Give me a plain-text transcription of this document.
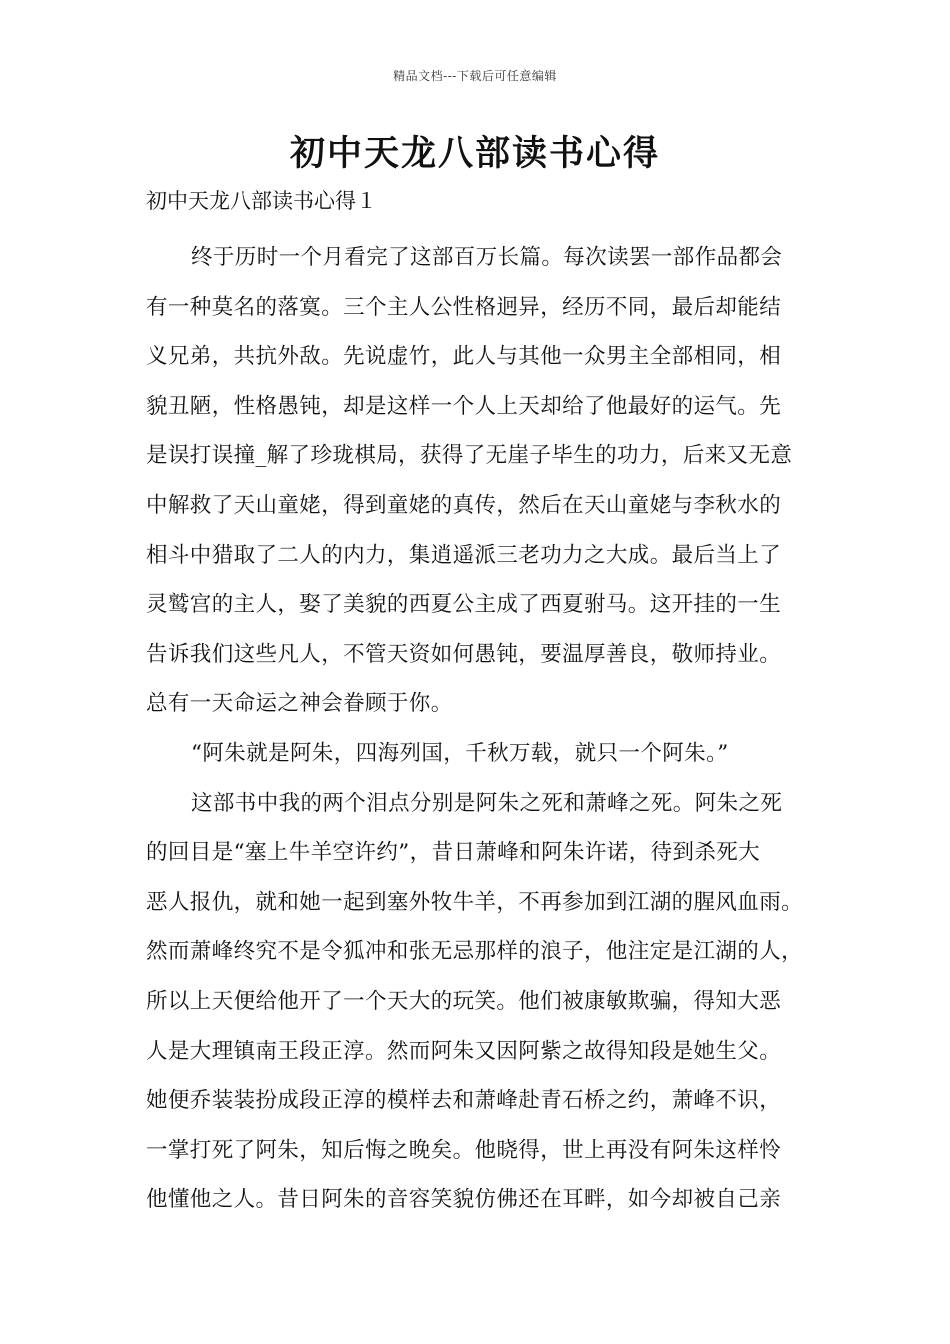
精品文档---下载后可任意编辑
初中天龙八部读书心得

初中天龙八部读书心得１

终于历时一个月看完了这部百万长篇。每次读罢一部作品都会
有一种莫名的落寞。三个主人公性格迥异，经历不同，最后却能结
义兄弟，共抗外敌。先说虚竹，此人与其他一众男主全部相同，相
貌丑陋，性格愚钝，却是这样一个人上天却给了他最好的运气。先
是误打误撞_解了珍珑棋局，获得了无崖子毕生的功力，后来又无意
中解救了天山童姥，得到童姥的真传，然后在天山童姥与李秋水的
相斗中猎取了二人的内力，集逍遥派三老功力之大成。最后当上了
灵鹫宫的主人，娶了美貌的西夏公主成了西夏驸马。这开挂的一生
告诉我们这些凡人，不管天资如何愚钝，要温厚善良，敬师持业。
总有一天命运之神会眷顾于你。

“阿朱就是阿朱，四海列国，千秋万载，就只一个阿朱。”

这部书中我的两个泪点分别是阿朱之死和萧峰之死。阿朱之死
的回目是“塞上牛羊空许约”，昔日萧峰和阿朱许诺，待到杀死大
恶人报仇，就和她一起到塞外牧牛羊，不再参加到江湖的腥风血雨。
然而萧峰终究不是令狐冲和张无忌那样的浪子，他注定是江湖的人，
所以上天便给他开了一个天大的玩笑。他们被康敏欺骗，得知大恶
人是大理镇南王段正淳。然而阿朱又因阿紫之故得知段是她生父。
她便乔装装扮成段正淳的模样去和萧峰赴青石桥之约，萧峰不识，
一掌打死了阿朱，知后悔之晚矣。他晓得，世上再没有阿朱这样怜
他懂他之人。昔日阿朱的音容笑貌仿佛还在耳畔，如今却被自己亲
